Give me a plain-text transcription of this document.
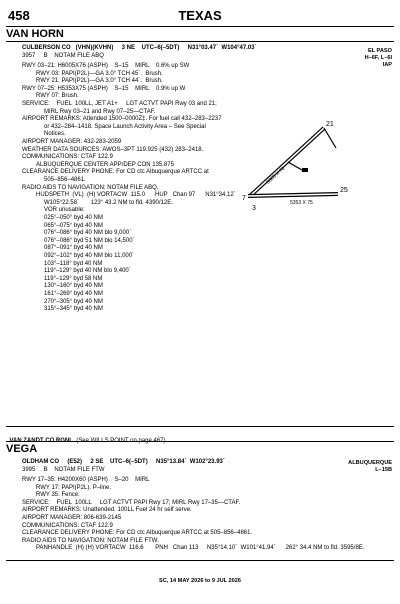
458	TEXAS
VAN HORN
CULBERSON CO   (VHN)(KVHN)     3 NE    UTC–6(–5DT)     N31°03.47´  W104°47.03´
3957     B    NOTAM FILE ABQ
EL PASO
H–6F, L–6I
IAP
RWY 03–21: H6005X76 (ASPH)    S–15    MIRL    0.6% up SW
RWY 03: PAPI(P2L)—GA 3.0° TCH 45´.  Brush.
RWY 21: PAPI(P2L)—GA 3.0° TCH 44´.  Brush.
RWY 07–25: H5353X75 (ASPH)    S–15    MIRL    0.9% up W
RWY 07: Brush.
SERVICE:    FUEL  100LL, JET A1+     LGT ACTVT PAPI Rwy 03 and 21;
MIRL Rwy 03–21 and Rwy 07–25—CTAF.
AIRPORT REMARKS: Attended 1500–0000Z‡. For fuel call 432–283–2237
or 432–284–1418. Space Launch Activity Area – See Special
Notices.
AIRPORT MANAGER: 432-283-2059
WEATHER DATA SOURCES: AWOS–3PT 119.925 (432) 283–2418.
COMMUNICATIONS: CTAF 122.9
ALBUQUERQUE CENTER APP/DEP CON 135.875
CLEARANCE DELIVERY PHONE: For CD ctc Albuquerque ARTCC at
505–856–4861.
RADIO AIDS TO NAVIGATION: NOTAM FILE ABQ.
HUDSPETH  (VL)  (H) VORTACW  115.0      HUP   Chan 97      N31°34.12´
W105°22.58´       123° 43.2 NM to fld. 4390/12E.
VOR unusable:
025°–050° byd 40 NM
065°–075° byd 40 NM
076°–086° byd 40 NM blo 9,000´
076°–086° byd 51 NM blo 14,500´
087°–091° byd 40 NM
092°–102° byd 40 NM blo 11,000´
103°–118° byd 40 NM
119°–129° byd 40 NM blo 9,400´
119°–129° byd 58 NM
130°–160° byd 40 NM
161°–269° byd 40 NM
270°–305° byd 40 NM
315°–345° byd 40 NM
7
3
21
25
6005 X 76
5353 X 75

VAN ZANDT CO RGNL  (See WILLS POINT on page 467)

VEGA
OLDHAM CO     (E52)     2 SE    UTC–6(–5DT)     N35°13.84´  W102°23.93´
3995     B    NOTAM FILE FTW
ALBUQUERQUE
L–15B
RWY 17–35: H4200X60 (ASPH)    S–20    MIRL
RWY 17: PAPI(P2L). P–line.
RWY 35: Fence.
SERVICE:    FUEL  100LL     LGT ACTVT PAPI Rwy 17; MIRL Rwy 17–35—CTAF.
AIRPORT REMARKS: Unattended. 100LL Fuel 24 hr self serve.
AIRPORT MANAGER: 806-639-2145
COMMUNICATIONS: CTAF 122.9
CLEARANCE DELIVERY PHONE: For CD ctc Albuquerque ARTCC at 505–856–4861.
RADIO AIDS TO NAVIGATION: NOTAM FILE FTW.
PANHANDLE  (H) (H) VORTACW  116.6       PNH   Chan 113     N35°14.10´  W101°41.94´      262° 34.4 NM to fld. 3595/8E.
SC, 14 MAY 2026 to 9 JUL 2026
